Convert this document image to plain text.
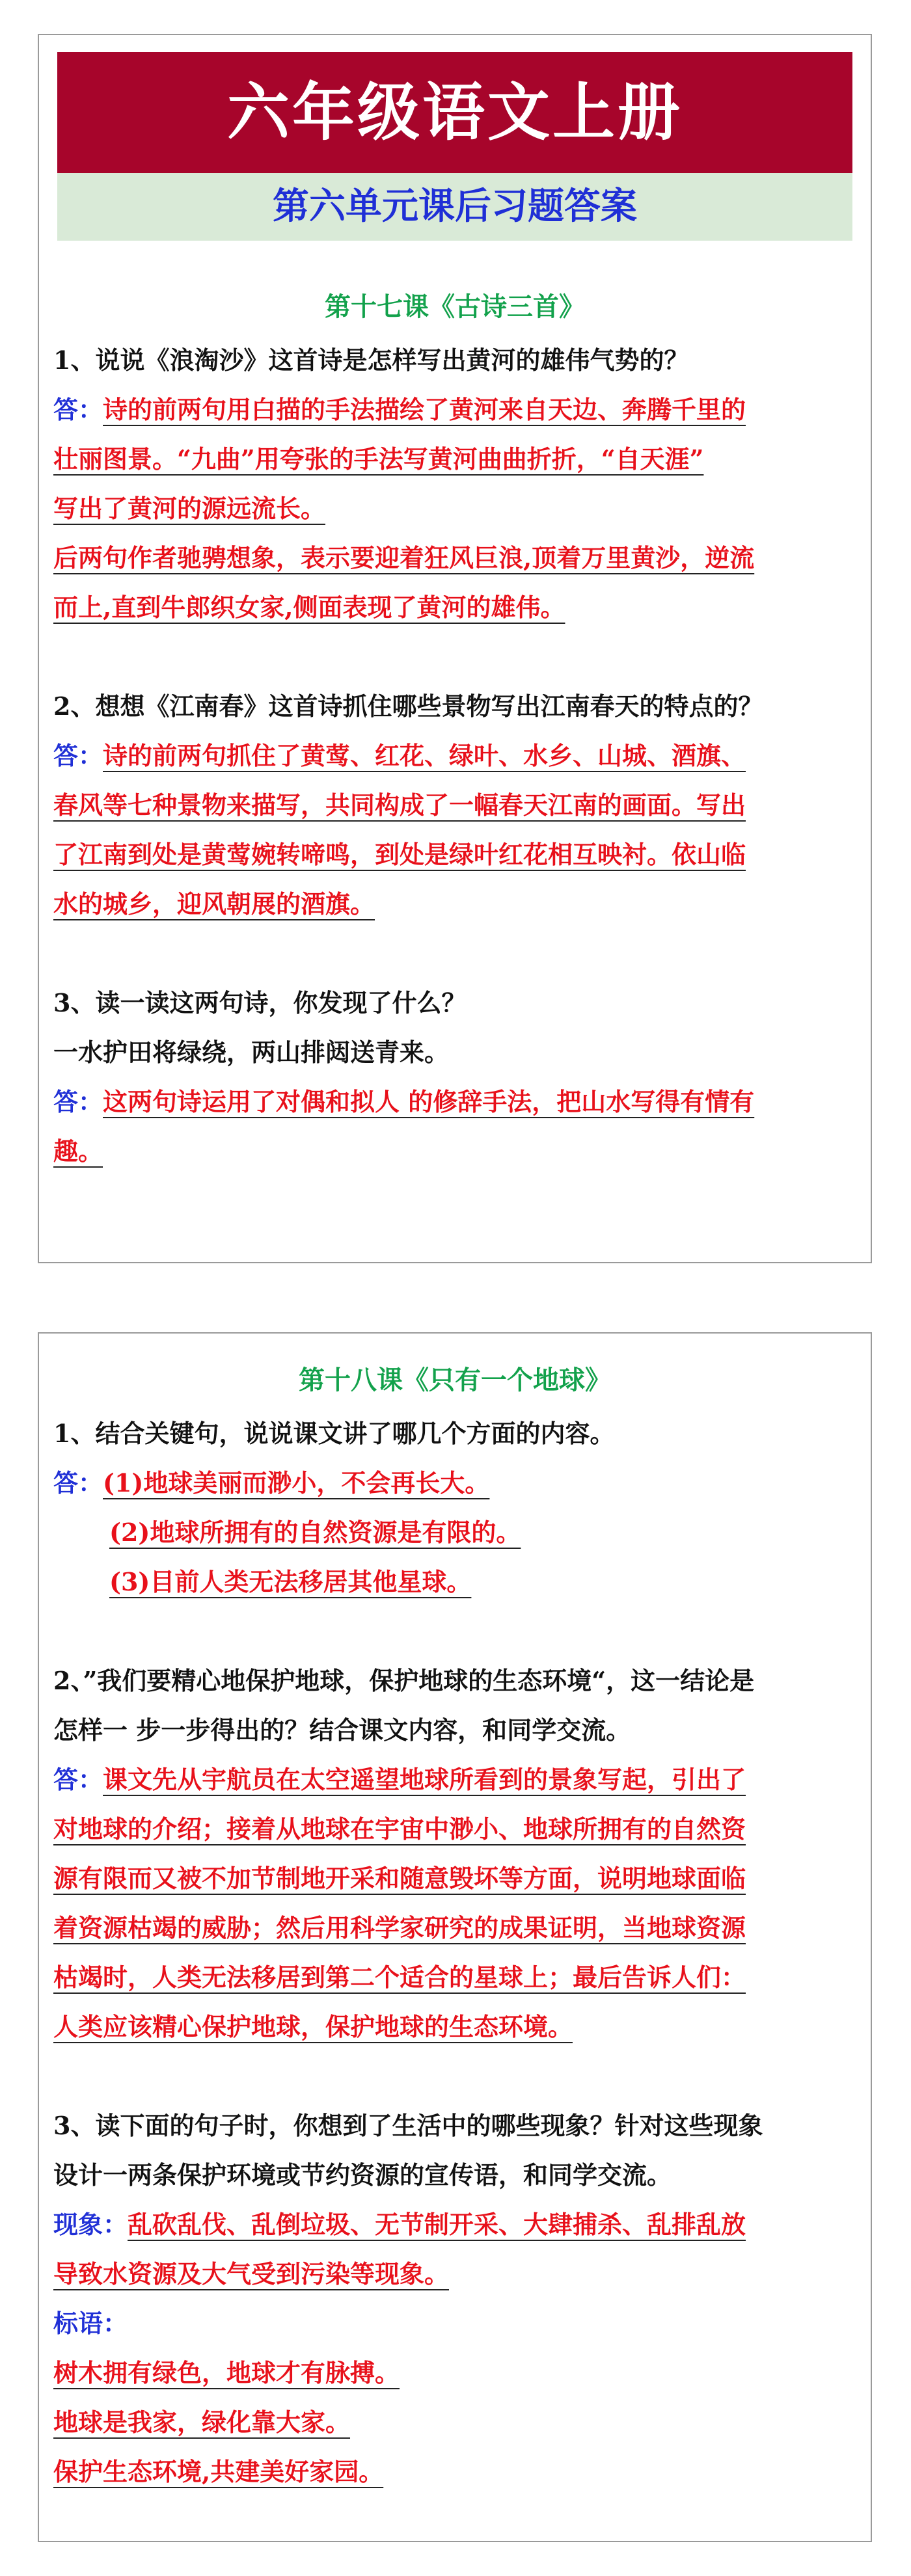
六年级语文上册
第六单元课后习题答案
第十七课《古诗三首》
1、说说《浪淘沙》这首诗是怎样写出黄河的雄伟气势的？
答：诗的前两句用白描的手法描绘了黄河来自天边、奔腾千里的
壮丽图景。“九曲”用夸张的手法写黄河曲曲折折，“自天涯”
写出了黄河的源远流长。
后两句作者驰骋想象，表示要迎着狂风巨浪,顶着万里黄沙，逆流
而上,直到牛郎织女家,侧面表现了黄河的雄伟。
2、想想《江南春》这首诗抓住哪些景物写出江南春天的特点的？
答：诗的前两句抓住了黄莺、红花、绿叶、水乡、山城、酒旗、
春风等七种景物来描写，共同构成了一幅春天江南的画面。写出
了江南到处是黄莺婉转啼鸣，到处是绿叶红花相互映衬。依山临
水的城乡，迎风朝展的酒旗。
3、读一读这两句诗，你发现了什么？
一水护田将绿绕，两山排闼送青来。
答：这两句诗运用了对偶和拟人 的修辞手法，把山水写得有情有
趣。
第十八课《只有一个地球》
1、结合关键句，说说课文讲了哪几个方面的内容。
答：(1)地球美丽而渺小，不会再长大。
(2)地球所拥有的自然资源是有限的。
(3)目前人类无法移居其他星球。
2、”我们要精心地保护地球，保护地球的生态环境“，这一结论是
怎样一 步一步得出的？结合课文内容，和同学交流。
答：课文先从宇航员在太空遥望地球所看到的景象写起，引出了
对地球的介绍；接着从地球在宇宙中渺小、地球所拥有的自然资
源有限而又被不加节制地开采和随意毁坏等方面，说明地球面临
着资源枯竭的威胁；然后用科学家研究的成果证明，当地球资源
枯竭时，人类无法移居到第二个适合的星球上；最后告诉人们：
人类应该精心保护地球，保护地球的生态环境。
3、读下面的句子时，你想到了生活中的哪些现象？针对这些现象
设计一两条保护环境或节约资源的宣传语，和同学交流。
现象：乱砍乱伐、乱倒垃圾、无节制开采、大肆捕杀、乱排乱放
导致水资源及大气受到污染等现象。
标语：
树木拥有绿色，地球才有脉搏。
地球是我家，绿化靠大家。
保护生态环境,共建美好家园。
